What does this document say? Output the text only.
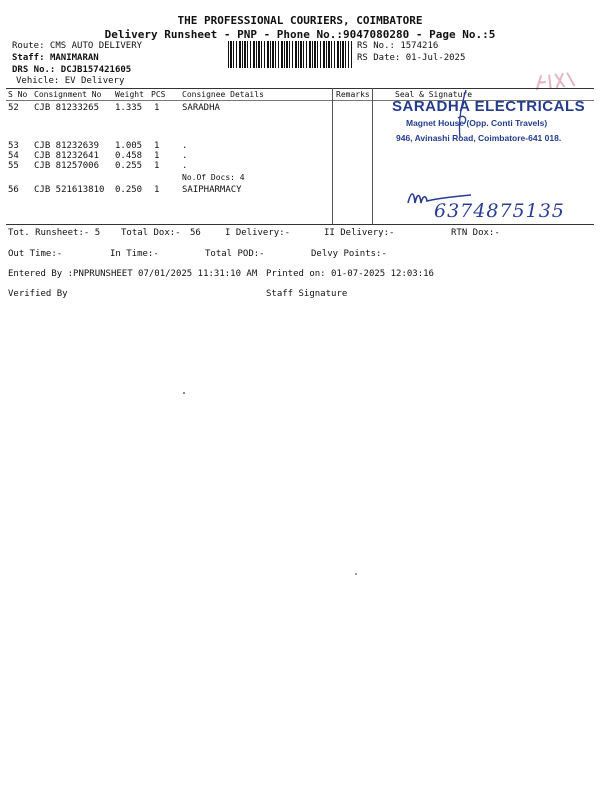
THE PROFESSIONAL COURIERS, COIMBATORE
Delivery Runsheet - PNP - Phone No.:9047080280 - Page No.:5
Route: CMS AUTO DELIVERY
Staff: MANIMARAN
DRS No.: DCJB157421605
Vehicle: EV Delivery
RS No.: 1574216
RS Date: 01-Jul-2025
S No Consignment No Weight PCS Consignee Details	Remarks	Seal & Signature
52 CJB 81233265 1.335 1	SARADHA
53 CJB 81232639 1.005 1	.
54 CJB 81232641 0.458 1	.
55 CJB 81257006 0.255 1	.
No.Of Docs: 4
56 CJB 521613810 0.250 1	SAIPHARMACY
SARADHA ELECTRICALS
Magnet House (Opp. Conti Travels)
946, Avinashi Road, Coimbatore-641 018.
6374875135
Tot. Runsheet:- 5 Total Dox:- 56	I Delivery:-	II Delivery:-	RTN Dox:-
Out Time:-	In Time:-	Total POD:-	Delvy Points:-
Entered By :PNPRUNSHEET 07/01/2025 11:31:10 AM Printed on: 01-07-2025 12:03:16
Verified By	Staff Signature
